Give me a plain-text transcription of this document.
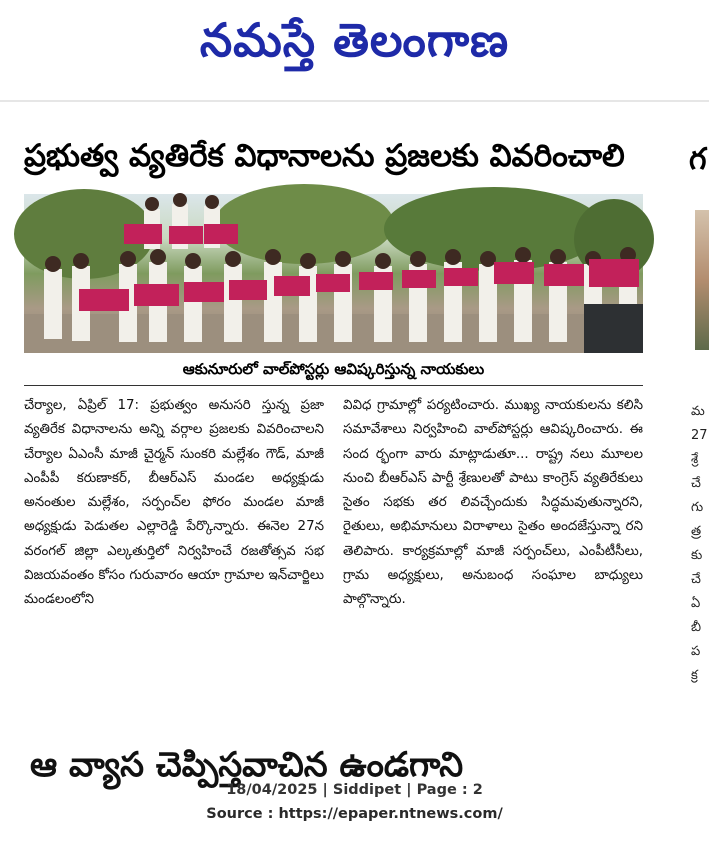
నమస్తే తెలంగాణ
ప్రభుత్వ వ్యతిరేక విధానాలను ప్రజలకు వివరించాలి
ఆకునూరులో వాల్‌పోస్టర్లు ఆవిష్కరిస్తున్న నాయకులు

చేర్యాల, ఏప్రిల్ 17: ప్రభుత్వం అనుసరి స్తున్న ప్రజా వ్యతిరేక విధానాలను అన్ని వర్గాల ప్రజలకు వివరించాలని చేర్యాల ఏఎంసీ మాజీ చైర్మన్ సుంకరి మల్లేశం గౌడ్, మాజీ ఎంపీపీ కరుణాకర్, బీఆర్‌ఎస్ మండల అధ్యక్షుడు అనంతుల మల్లేశం, సర్పంచ్‌ల ఫోరం మండల మాజీ అధ్యక్షుడు పెడుతల ఎల్లారెడ్డి పేర్కొన్నారు. ఈనెల 27న వరంగల్ జిల్లా ఎల్కతుర్తిలో నిర్వహించే రజతోత్సవ సభ విజయవంతం కోసం గురువారం ఆయా గ్రామాల ఇన్‌చార్జిలు మండలంలోని

వివిధ గ్రామాల్లో పర్యటించారు. ముఖ్య నాయకులను కలిసి సమావేశాలు నిర్వహించి వాల్‌పోస్టర్లు ఆవిష్కరించారు. ఈ సంద ర్భంగా వారు మాట్లాడుతూ... రాష్ట్ర నలు మూలల నుంచి బీఆర్‌ఎస్ పార్టీ శ్రేణులతో పాటు కాంగ్రెస్ వ్యతిరేకులు సైతం సభకు తర లివచ్చేందుకు సిద్ధమవుతున్నారని, రైతులు, అభిమానులు విరాళాలు సైతం అందజేస్తున్నా రని తెలిపారు. కార్యక్రమాల్లో మాజీ సర్పంచ్‌లు, ఎంపీటీసీలు, గ్రామ అధ్యక్షులు, అనుబంధ సంఘాల బాధ్యులు పాల్గొన్నారు.

గ
మ
27
శ్రే
చే
గు
త్ర
కు
చే
ఏ
బీ
ప
క్ర
ఆ వ్యాస చెప్పిస్తవాచిన ఉండగాని
18/04/2025 | Siddipet | Page : 2
Source : https://epaper.ntnews.com/
